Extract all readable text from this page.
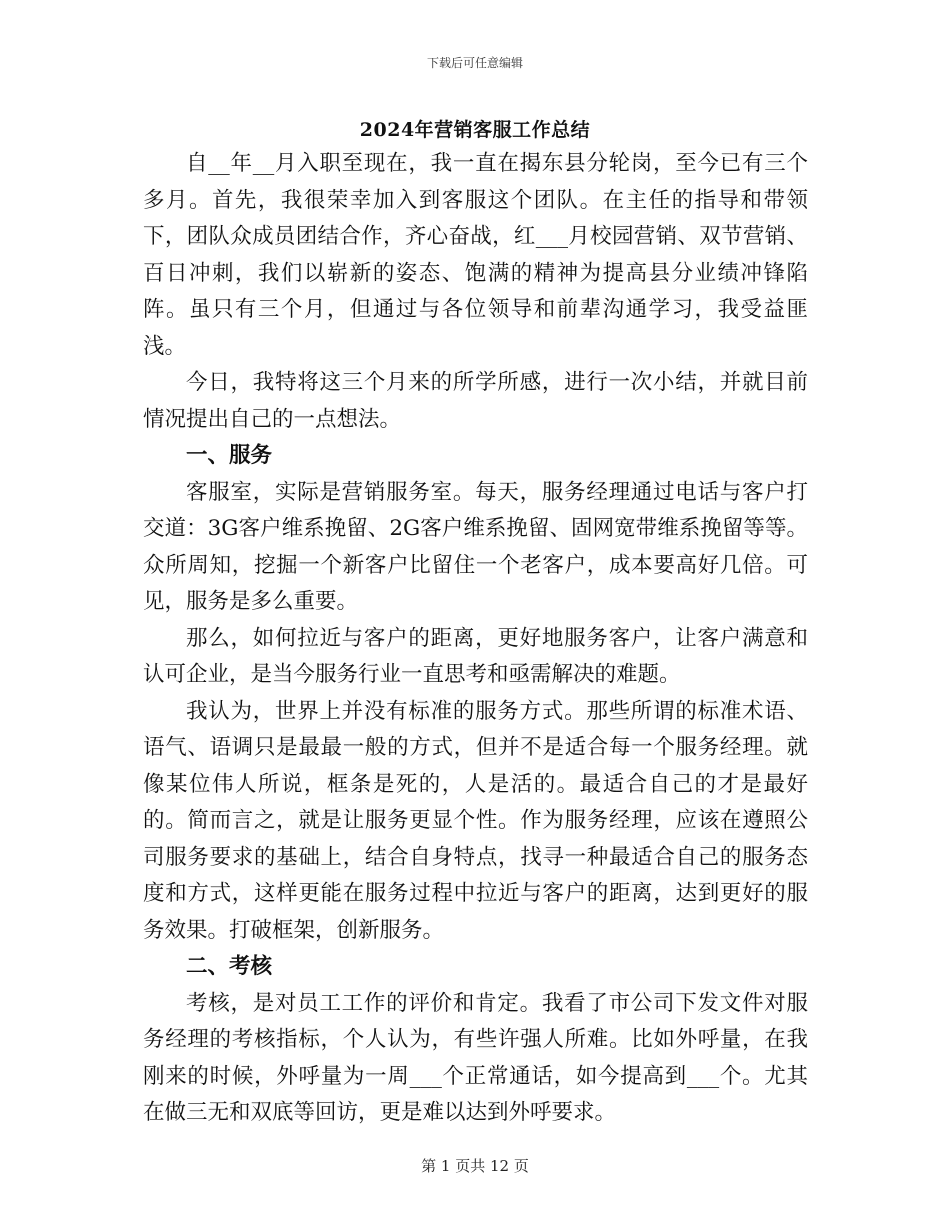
下载后可任意编辑
2024年营销客服工作总结

自__年__月入职至现在，我一直在揭东县分轮岗，至今已有三个多月。首先，我很荣幸加入到客服这个团队。在主任的指导和带领下，团队众成员团结合作，齐心奋战，红___月校园营销、双节营销、百日冲刺，我们以崭新的姿态、饱满的精神为提高县分业绩冲锋陷阵。虽只有三个月，但通过与各位领导和前辈沟通学习，我受益匪浅。

今日，我特将这三个月来的所学所感，进行一次小结，并就目前情况提出自己的一点想法。

一、服务

客服室，实际是营销服务室。每天，服务经理通过电话与客户打交道：3G客户维系挽留、2G客户维系挽留、固网宽带维系挽留等等。众所周知，挖掘一个新客户比留住一个老客户，成本要高好几倍。可见，服务是多么重要。

那么，如何拉近与客户的距离，更好地服务客户，让客户满意和认可企业，是当今服务行业一直思考和亟需解决的难题。

我认为，世界上并没有标准的服务方式。那些所谓的标准术语、语气、语调只是最最一般的方式，但并不是适合每一个服务经理。就像某位伟人所说，框条是死的，人是活的。最适合自己的才是最好的。简而言之，就是让服务更显个性。作为服务经理，应该在遵照公司服务要求的基础上，结合自身特点，找寻一种最适合自己的服务态度和方式，这样更能在服务过程中拉近与客户的距离，达到更好的服务效果。打破框架，创新服务。

二、考核

考核，是对员工工作的评价和肯定。我看了市公司下发文件对服务经理的考核指标，个人认为，有些许强人所难。比如外呼量，在我刚来的时候，外呼量为一周___个正常通话，如今提高到___个。尤其在做三无和双底等回访，更是难以达到外呼要求。

第 1 页共 12 页
